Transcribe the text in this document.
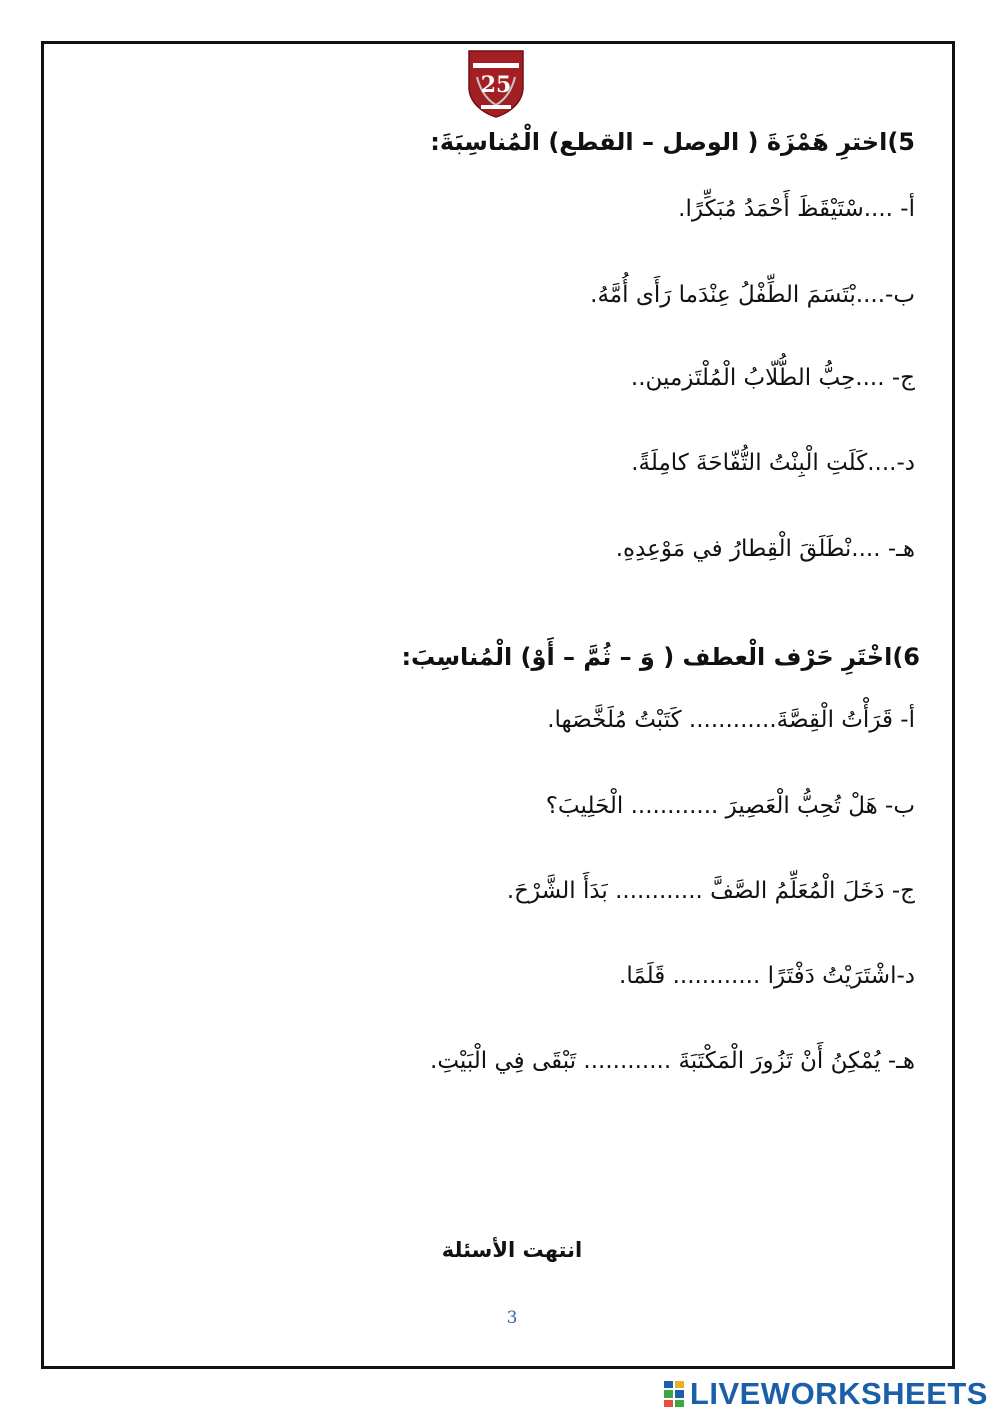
25
5)اخترِ هَمْزَةَ ( الوصل – القطع) الْمُناسِبَةَ:
أ- ....سْتَيْقَظَ أَحْمَدُ مُبَكِّرًا.
ب-....بْتَسَمَ الطِّفْلُ عِنْدَما رَأَى أُمَّهُ.
ج- ....حِبُّ الطُّلّابُ الْمُلْتَزمين..
د-....كَلَتِ الْبِنْتُ التُّفّاحَةَ كامِلَةً.
هـ- ....نْطَلَقَ الْقِطارُ في مَوْعِدِهِ.
6)اخْتَرِ حَرْف الْعطف ( وَ – ثُمَّ – أَوْ) الْمُناسِبَ:
أ- قَرَأْتُ الْقِصَّةَ............ كَتَبْتُ مُلَخَّصَها.
ب- هَلْ تُحِبُّ الْعَصِيرَ ............ الْحَلِيبَ؟
ج- دَخَلَ الْمُعَلِّمُ الصَّفَّ ............ بَدَأَ الشَّرْحَ.
د-اشْتَرَيْتُ دَفْتَرًا ............ قَلَمًا.
هـ- يُمْكِنُ أَنْ تَزُورَ الْمَكْتَبَةَ ............ تَبْقَى فِي الْبَيْتِ.
انتهت الأسئلة
3
LIVEWORKSHEETS
